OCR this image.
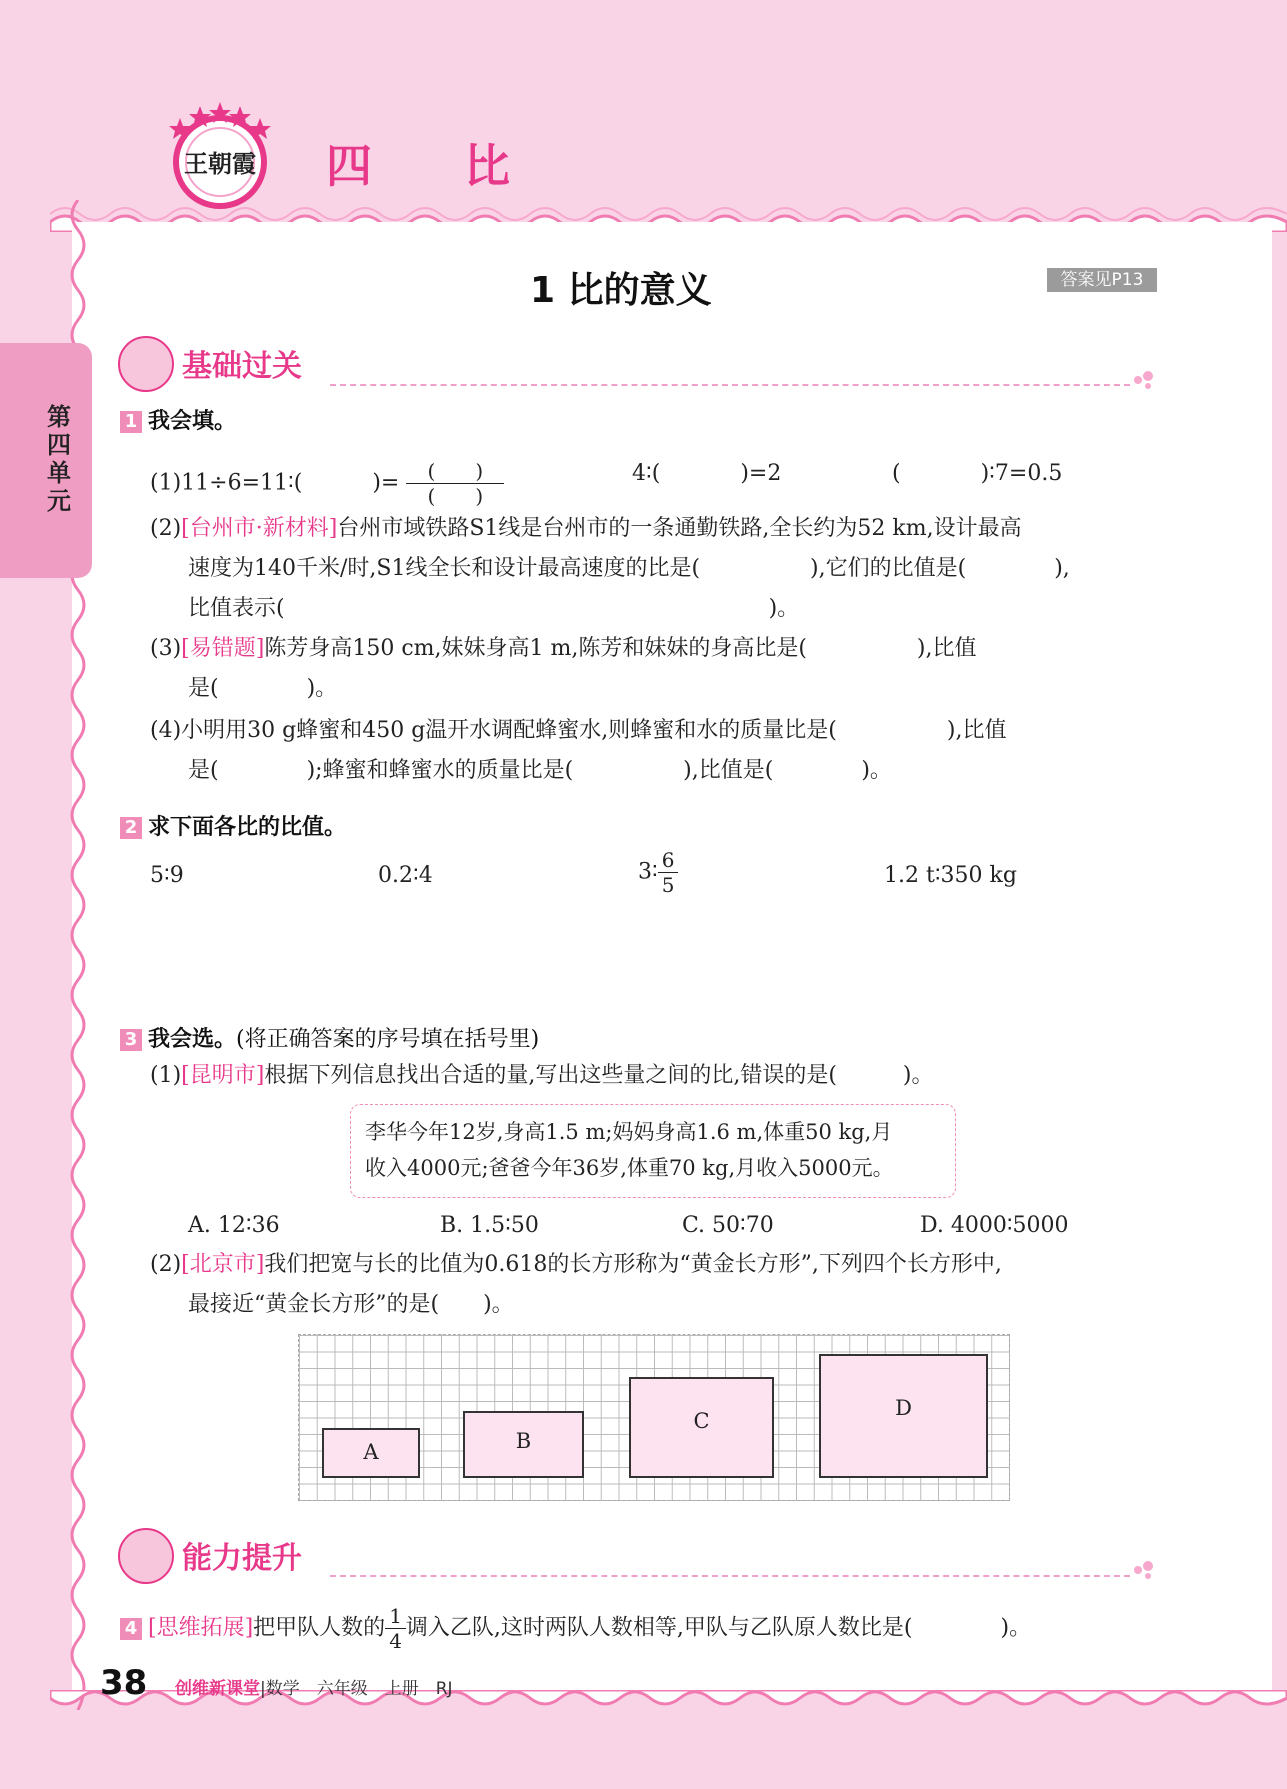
王朝霞 四 比
第四单元
1 比的意义	答案见P13
基础过关
1 我会填。
(1)11÷6=11∶(	)= $\frac{( )}{( )}$	4∶(	)=2	(	)∶7=0.5
(2)[台州市·新材料]台州市域铁路S1线是台州市的一条通勤铁路,全长约为52 km,设计最高
速度为140千米/时,S1线全长和设计最高速度的比是(　　　　　),它们的比值是(　　　　),
比值表示(　　　　　　　　　　　　　　　　　　　　　　)。
(3)[易错题]陈芳身高150 cm,妹妹身高1 m,陈芳和妹妹的身高比是(　　　　　),比值
是(　　　　)。
(4)小明用30 g蜂蜜和450 g温开水调配蜂蜜水,则蜂蜜和水的质量比是(　　　　　),比值
是(　　　　);蜂蜜和蜂蜜水的质量比是(　　　　　),比值是(　　　　)。
2 求下面各比的比值。
5∶9	0.2∶4	3∶ $\frac{6}{5}$	1.2 t∶350 kg
3 我会选。(将正确答案的序号填在括号里)
(1)[昆明市]根据下列信息找出合适的量,写出这些量之间的比,错误的是(　　　)。
李华今年12岁,身高1.5 m;妈妈身高1.6 m,体重50 kg,月
收入4000元;爸爸今年36岁,体重70 kg,月收入5000元。
A. 12∶36	B. 1.5∶50	C. 50∶70	D. 4000∶5000
(2)[北京市]我们把宽与长的比值为0.618的长方形称为“黄金长方形”,下列四个长方形中,
最接近“黄金长方形”的是(　　)。
A	B
C
D
能力提升
4 [思维拓展]把甲队人数的 $\frac{1}{4}$ 调入乙队,这时两队人数相等,甲队与乙队原人数比是(　　　　)。
38 创维新课堂|数学　六年级　上册　RJ
